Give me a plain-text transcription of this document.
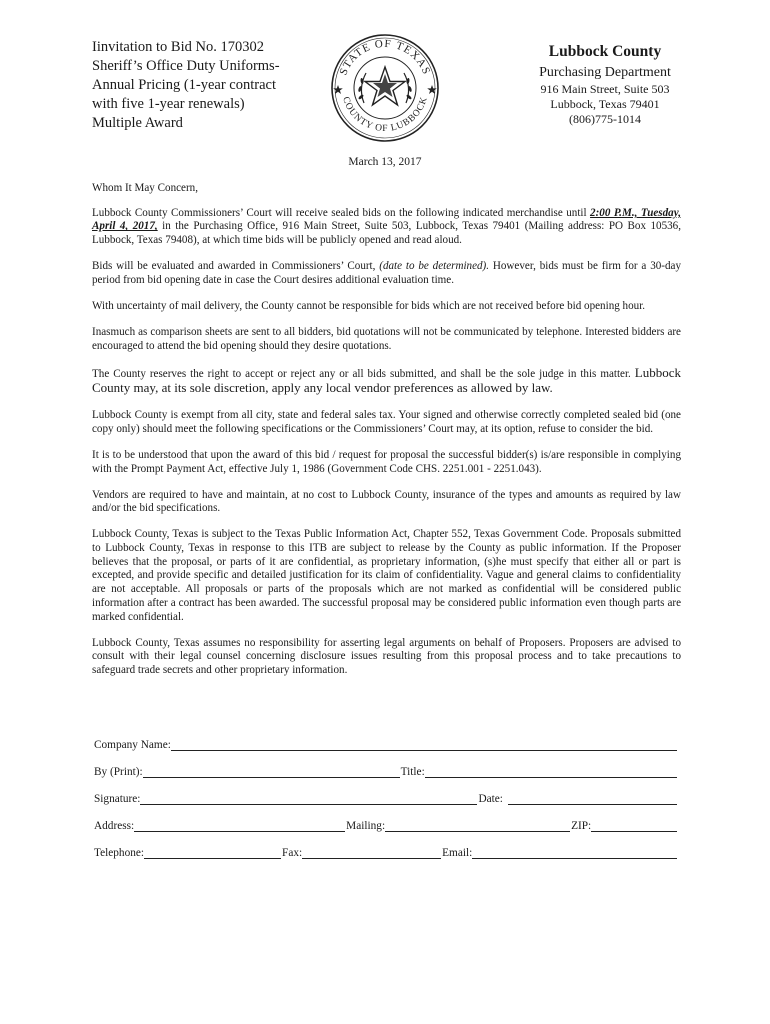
Iinvitation to Bid No. 170302
Sheriff’s Office Duty Uniforms-
Annual Pricing (1-year contract
with five 1-year renewals)
Multiple Award
STATE OF TEXAS
COUNTY OF LUBBOCK
Lubbock County
Purchasing Department
916 Main Street, Suite 503
Lubbock, Texas 79401
(806)775-1014
March 13, 2017

Whom It May Concern,

Lubbock County Commissioners’ Court will receive sealed bids on the following indicated merchandise until 2:00 P.M., Tuesday, April 4, 2017, in the Purchasing Office, 916 Main Street, Suite 503, Lubbock, Texas 79401 (Mailing address: PO Box 10536, Lubbock, Texas 79408), at which time bids will be publicly opened and read aloud.

Bids will be evaluated and awarded in Commissioners’ Court, (date to be determined). However, bids must be firm for a 30-day period from bid opening date in case the Court desires additional evaluation time.

With uncertainty of mail delivery, the County cannot be responsible for bids which are not received before bid opening hour.

Inasmuch as comparison sheets are sent to all bidders, bid quotations will not be communicated by telephone. Interested bidders are encouraged to attend the bid opening should they desire quotations.

The County reserves the right to accept or reject any or all bids submitted, and shall be the sole judge in this matter. Lubbock County may, at its sole discretion, apply any local vendor preferences as allowed by law.

Lubbock County is exempt from all city, state and federal sales tax. Your signed and otherwise correctly completed sealed bid (one copy only) should meet the following specifications or the Commissioners’ Court may, at its option, refuse to consider the bid.

It is to be understood that upon the award of this bid / request for proposal the successful bidder(s) is/are responsible in complying with the Prompt Payment Act, effective July 1, 1986 (Government Code CHS. 2251.001 - 2251.043).

Vendors are required to have and maintain, at no cost to Lubbock County, insurance of the types and amounts as required by law and/or the bid specifications.

Lubbock County, Texas is subject to the Texas Public Information Act, Chapter 552, Texas Government Code. Proposals submitted to Lubbock County, Texas in response to this ITB are subject to release by the County as public information. If the Proposer believes that the proposal, or parts of it are confidential, as proprietary information, (s)he must specify that either all or part is excepted, and provide specific and detailed justification for its claim of confidentiality. Vague and general claims to confidentiality are not acceptable. All proposals or parts of the proposals which are not marked as confidential will be considered public information after a contract has been awarded. The successful proposal may be considered public information even though parts are marked confidential.

Lubbock County, Texas assumes no responsibility for asserting legal arguments on behalf of Proposers. Proposers are advised to consult with their legal counsel concerning disclosure issues resulting from this proposal process and to take precautions to safeguard trade secrets and other proprietary information.

Company Name:
By (Print):	Title:
Signature:	Date:
Address:	Mailing:	ZIP:
Telephone:	Fax:	Email:
